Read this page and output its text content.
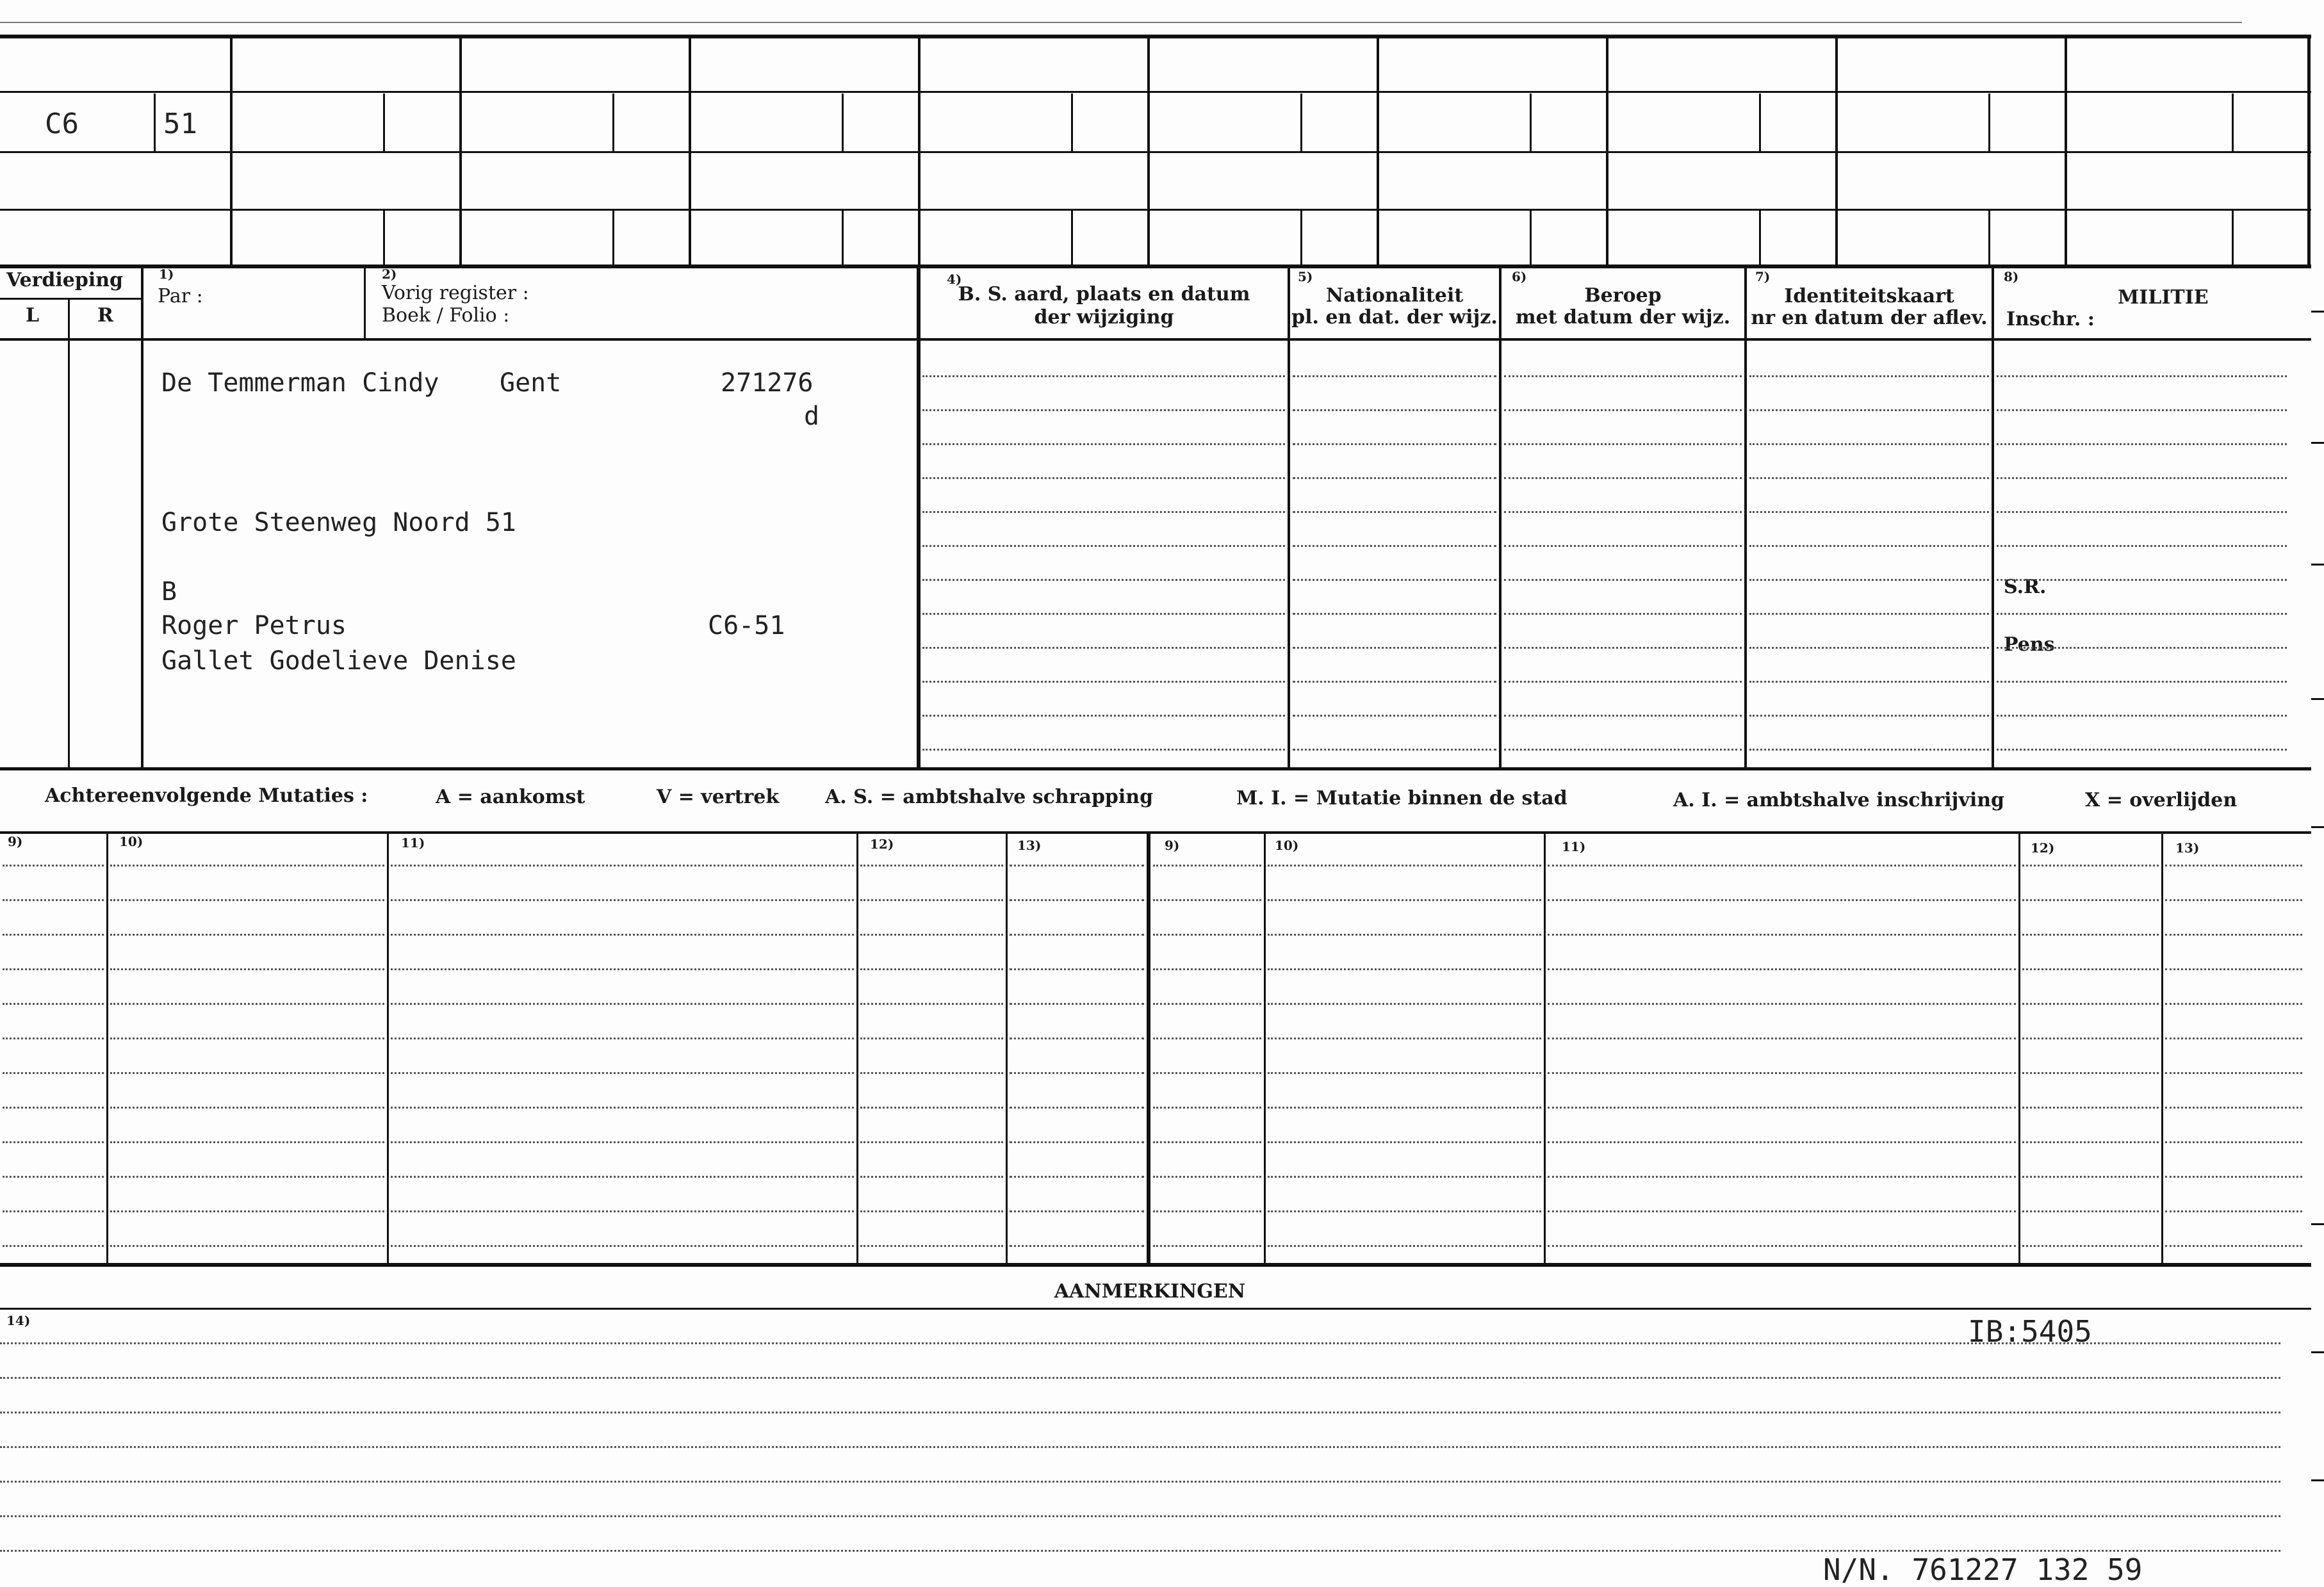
C6	51
Verdieping
L	R
1)
Par :
2)
Vorig register :
Boek / Folio :
4)
B. S. aard, plaats en datum
der wijziging
5)
Nationaliteit
pl. en dat. der wijz.
6)
Beroep
met datum der wijz.
7)
Identiteitskaart
nr en datum der aflev.
8)
MILITIE
Inschr. :
De Temmerman Cindy Gent	271276
d
Grote Steenweg Noord 51
B
Roger Petrus	C6-51
Gallet Godelieve Denise
S.R.
Pens
Achtereenvolgende Mutaties :	A = aankomst	V = vertrek A. S. = ambtshalve schrapping	M. I. = Mutatie binnen de stad	A. I. = ambtshalve inschrijving	X = overlijden
9)	10)	11)	12)	13)	9)	10)	11)	12)	13)
AANMERKINGEN
14)	IB:5405
N/N. 761227 132 59
